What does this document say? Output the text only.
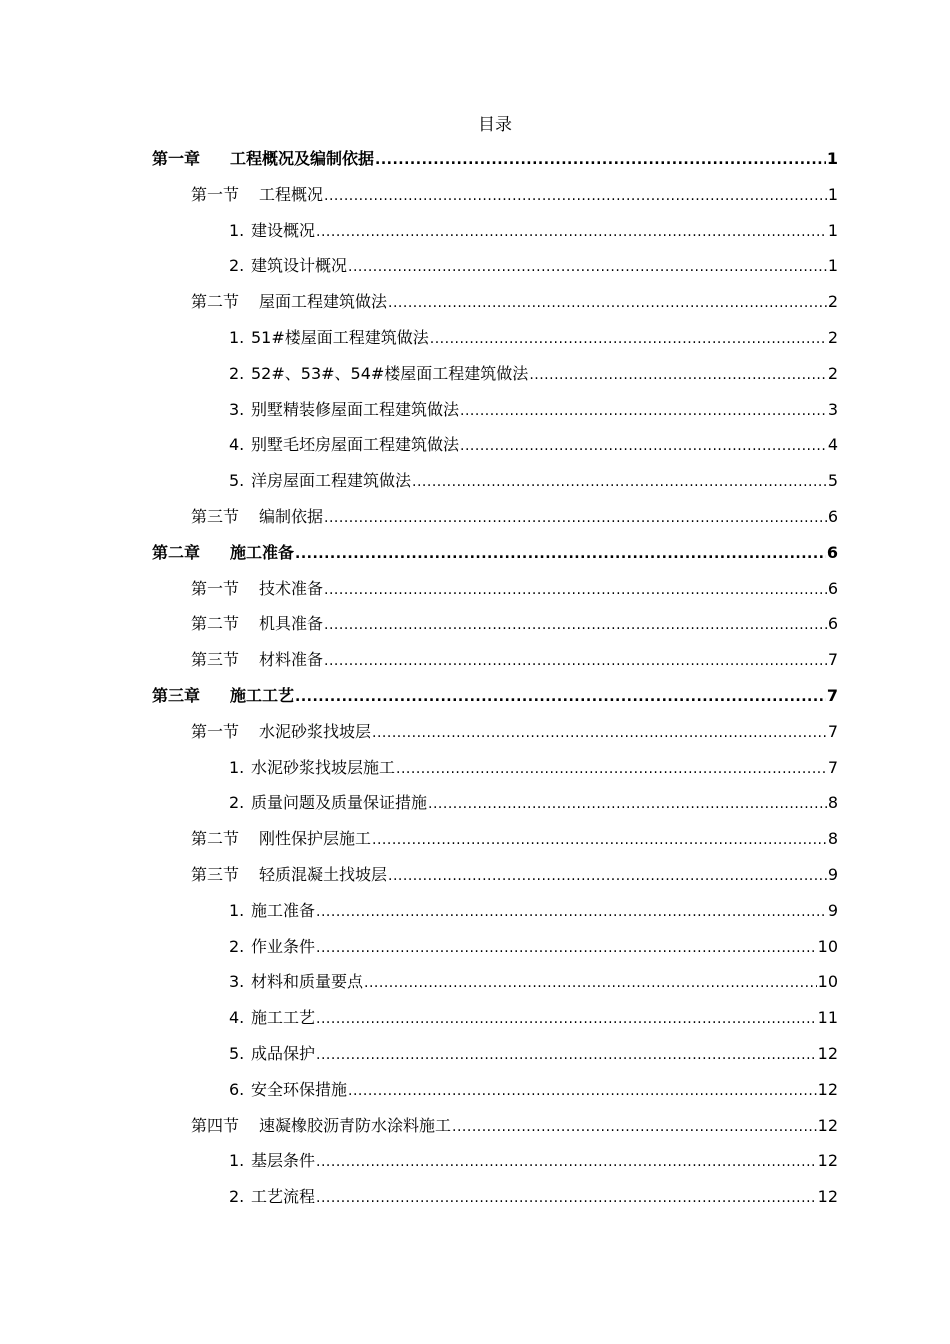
目录
第一章	工程概况及编制依据 .....	1
第一节	工程概况 .....	1
1. 建设概况 .....	1
2. 建筑设计概况 .....	1
第二节	屋面工程建筑做法 .....	2
1. 51#楼屋面工程建筑做法 .....	2
2. 52#、53#、54#楼屋面工程建筑做法 .....	2
3. 别墅精装修屋面工程建筑做法 .....	3
4. 别墅毛坯房屋面工程建筑做法 .....	4
5. 洋房屋面工程建筑做法 .....	5
第三节	编制依据 .....	6
第二章	施工准备 .....	6
第一节	技术准备 .....	6
第二节	机具准备 .....	6
第三节	材料准备 .....	7
第三章	施工工艺 .....	7
第一节	水泥砂浆找坡层 .....	7
1. 水泥砂浆找坡层施工 .....	7
2. 质量问题及质量保证措施 .....	8
第二节	刚性保护层施工 .....	8
第三节	轻质混凝土找坡层 .....	9
1. 施工准备 .....	9
2. 作业条件 .....	10
3. 材料和质量要点 .....	10
4. 施工工艺 .....	11
5. 成品保护 .....	12
6. 安全环保措施 .....	12
第四节	速凝橡胶沥青防水涂料施工 .....	12
1. 基层条件 .....	12
2. 工艺流程 .....	12
